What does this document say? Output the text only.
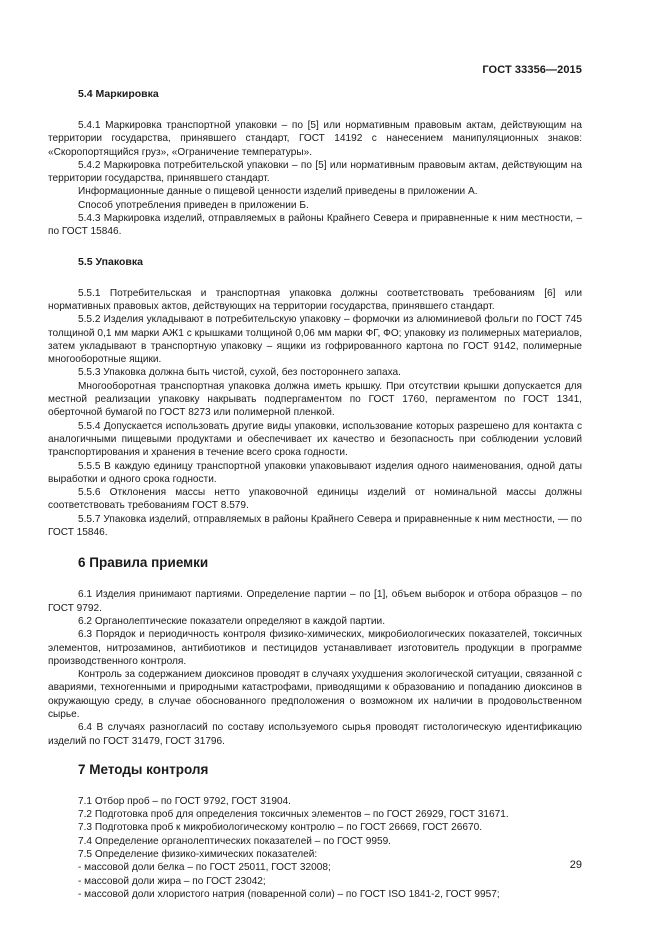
ГОСТ 33356—2015
5.4 Маркировка

5.4.1 Маркировка транспортной упаковки – по [5] или нормативным правовым актам, действующим на территории государства, принявшего стандарт, ГОСТ 14192 с нанесением манипуляционных знаков: «Скоропортящийся груз», «Ограничение температуры».

5.4.2 Маркировка потребительской упаковки – по [5] или нормативным правовым актам, действующим на территории государства, принявшего стандарт.

Информационные данные о пищевой ценности изделий приведены в приложении А.

Способ употребления приведен в приложении Б.

5.4.3 Маркировка изделий, отправляемых в районы Крайнего Севера и приравненные к ним местности, – по ГОСТ 15846.

5.5 Упаковка

5.5.1 Потребительская и транспортная упаковка должны соответствовать требованиям [6] или нормативных правовых актов, действующих на территории государства, принявшего стандарт.

5.5.2 Изделия укладывают в потребительскую упаковку – формочки из алюминиевой фольги по ГОСТ 745 толщиной 0,1 мм марки АЖ1 с крышками толщиной 0,06 мм марки ФГ, ФО; упаковку из полимерных материалов, затем укладывают в транспортную упаковку – ящики из гофрированного картона по ГОСТ 9142, полимерные многооборотные ящики.

5.5.3 Упаковка должна быть чистой, сухой, без постороннего запаха.

Многооборотная транспортная упаковка должна иметь крышку. При отсутствии крышки допускается для местной реализации упаковку накрывать подпергаментом по ГОСТ 1760, пергаментом по ГОСТ 1341, оберточной бумагой по ГОСТ 8273 или полимерной пленкой.

5.5.4 Допускается использовать другие виды упаковки, использование которых разрешено для контакта с аналогичными пищевыми продуктами и обеспечивает их качество и безопасность при соблюдении условий транспортирования и хранения в течение всего срока годности.

5.5.5 В каждую единицу транспортной упаковки упаковывают изделия одного наименования, одной даты выработки и одного срока годности.

5.5.6 Отклонения массы нетто упаковочной единицы изделий от номинальной массы должны соответствовать требованиям ГОСТ 8.579.

5.5.7 Упаковка изделий, отправляемых в районы Крайнего Севера и приравненные к ним местности, — по ГОСТ 15846.

6 Правила приемки

6.1 Изделия принимают партиями. Определение партии – по [1], объем выборок и отбора образцов – по ГОСТ 9792.

6.2 Органолептические показатели определяют в каждой партии.

6.3 Порядок и периодичность контроля физико-химических, микробиологических показателей, токсичных элементов, нитрозаминов, антибиотиков и пестицидов устанавливает изготовитель продукции в программе производственного контроля.

Контроль за содержанием диоксинов проводят в случаях ухудшения экологической ситуации, связанной с авариями, техногенными и природными катастрофами, приводящими к образованию и попаданию диоксинов в окружающую среду, в случае обоснованного предположения о возможном их наличии в продовольственном сырье.

6.4 В случаях разногласий по составу используемого сырья проводят гистологическую идентификацию изделий по ГОСТ 31479, ГОСТ 31796.

7 Методы контроля

7.1 Отбор проб – по ГОСТ 9792, ГОСТ 31904.

7.2 Подготовка проб для определения токсичных элементов – по ГОСТ 26929, ГОСТ 31671.

7.3 Подготовка проб к микробиологическому контролю – по ГОСТ 26669, ГОСТ 26670.

7.4 Определение органолептических показателей – по ГОСТ 9959.

7.5 Определение физико-химических показателей:

- массовой доли белка – по ГОСТ 25011, ГОСТ 32008;

- массовой доли жира – по ГОСТ 23042;

- массовой доли хлористого натрия (поваренной соли) – по ГОСТ ISO 1841-2, ГОСТ 9957;

29
